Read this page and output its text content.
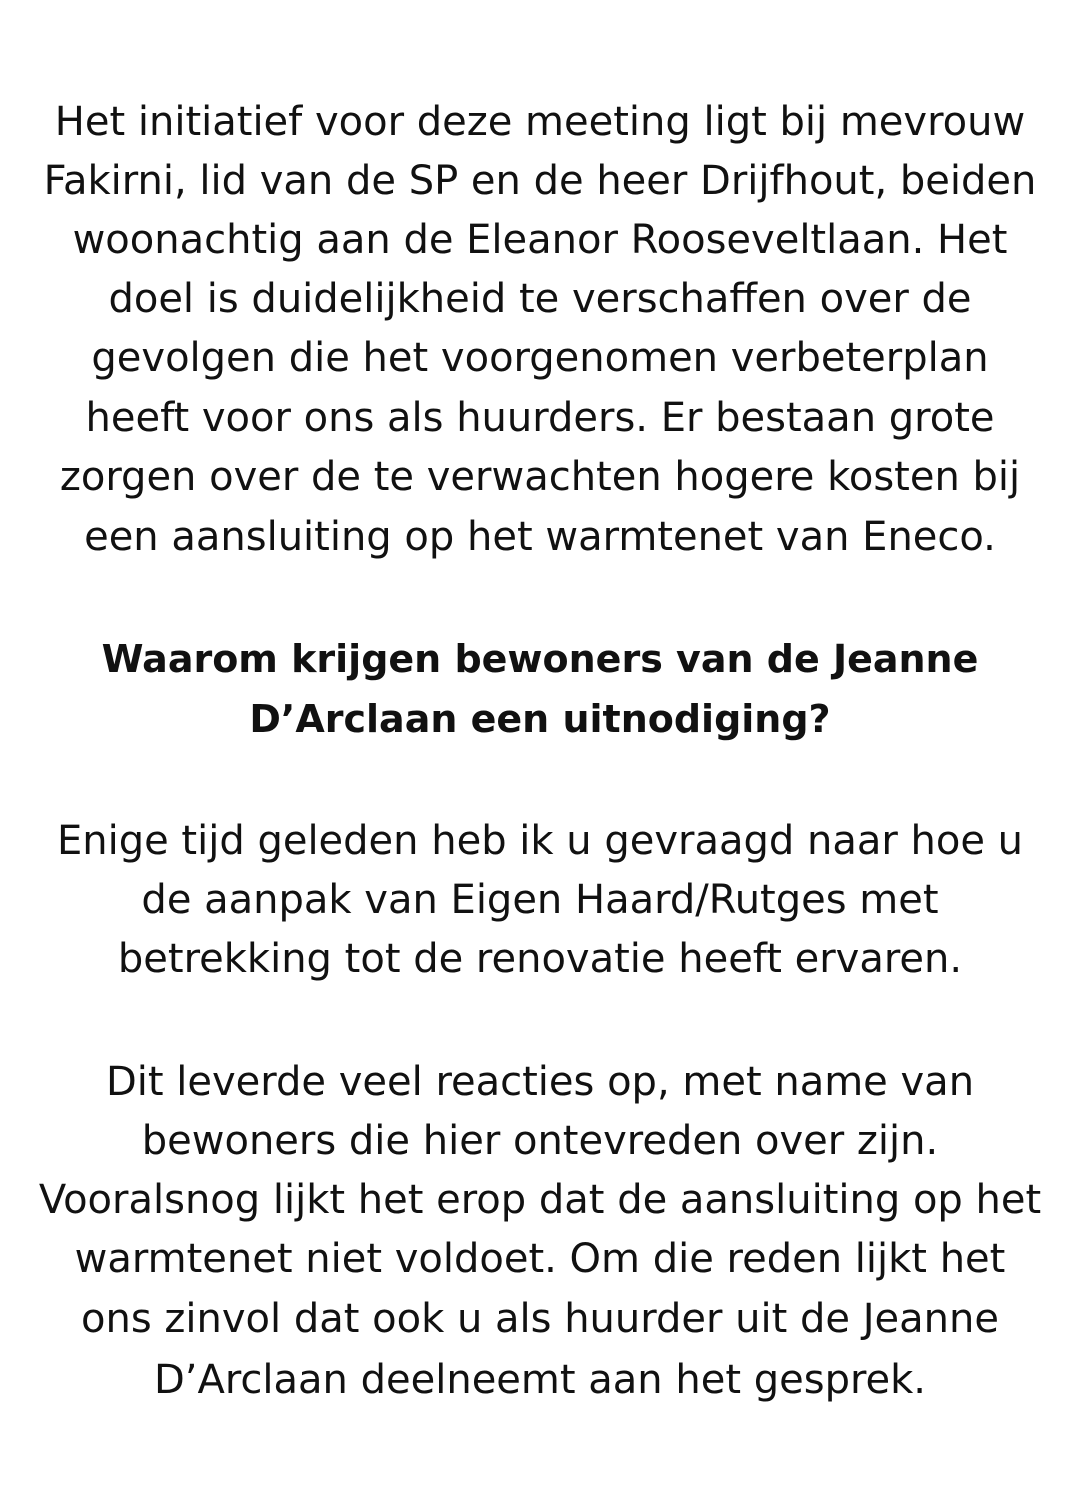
Het initiatief voor deze meeting ligt bij mevrouw
Fakirni, lid van de SP en de heer Drijfhout, beiden
woonachtig aan de Eleanor Rooseveltlaan. Het
doel is duidelijkheid te verschaffen over de
gevolgen die het voorgenomen verbeterplan
heeft voor ons als huurders. Er bestaan grote
zorgen over de te verwachten hogere kosten bij
een aansluiting op het warmtenet van Eneco.
Waarom krijgen bewoners van de Jeanne
D’Arclaan een uitnodiging?
Enige tijd geleden heb ik u gevraagd naar hoe u
de aanpak van Eigen Haard/Rutges met
betrekking tot de renovatie heeft ervaren.
Dit leverde veel reacties op, met name van
bewoners die hier ontevreden over zijn.
Vooralsnog lijkt het erop dat de aansluiting op het
warmtenet niet voldoet. Om die reden lijkt het
ons zinvol dat ook u als huurder uit de Jeanne
D’Arclaan deelneemt aan het gesprek.
